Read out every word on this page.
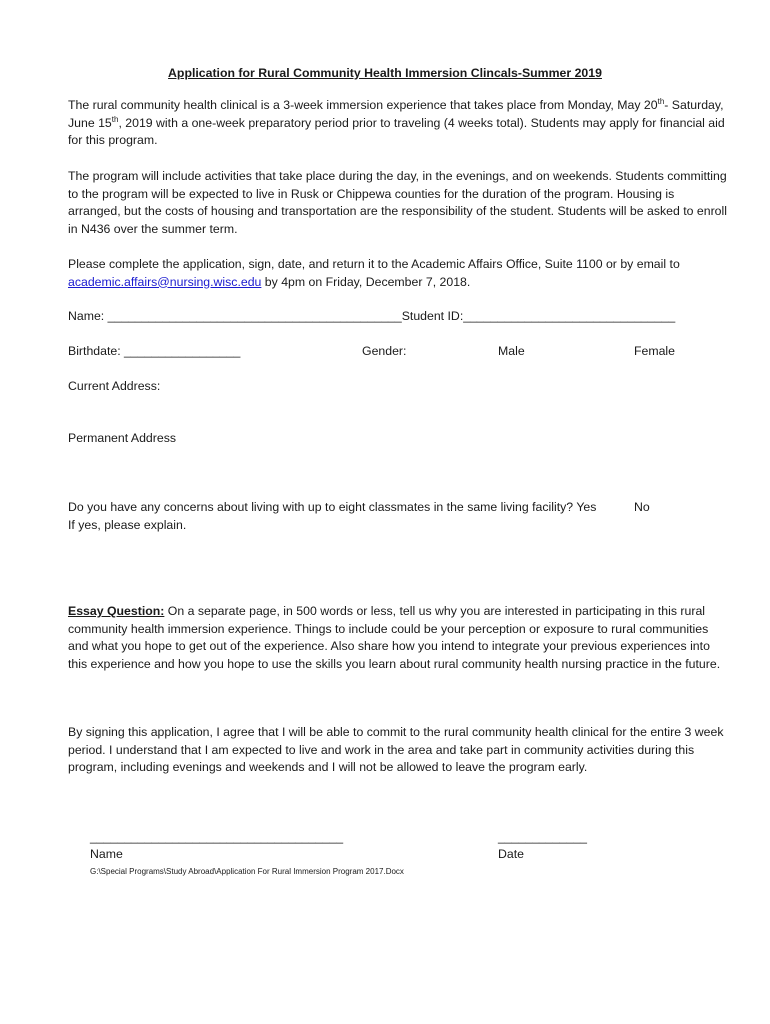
Application for Rural Community Health Immersion Clincals-Summer 2019

The rural community health clinical is a 3-week immersion experience that takes place from Monday, May 20th- Saturday, June 15th, 2019 with a one-week preparatory period prior to traveling (4 weeks total). Students may apply for financial aid for this program.

The program will include activities that take place during the day, in the evenings, and on weekends. Students committing to the program will be expected to live in Rusk or Chippewa counties for the duration of the program. Housing is arranged, but the costs of housing and transportation are the responsibility of the student. Students will be asked to enroll in N436 over the summer term.

Please complete the application, sign, date, and return it to the Academic Affairs Office, Suite 1100 or by email to academic.affairs@nursing.wisc.edu by 4pm on Friday, December 7, 2018.

Name: ___________________________________________Student ID:_______________________________
Birthdate: _________________	Gender:	Male	Female
Current Address:
Permanent Address
Do you have any concerns about living with up to eight classmates in the same living facility? Yes	No
If yes, please explain.

Essay Question: On a separate page, in 500 words or less, tell us why you are interested in participating in this rural community health immersion experience. Things to include could be your perception or exposure to rural communities and what you hope to get out of the experience. Also share how you intend to integrate your previous experiences into this experience and how you hope to use the skills you learn about rural community health nursing practice in the future.

By signing this application, I agree that I will be able to commit to the rural community health clinical for the entire 3 week period. I understand that I am expected to live and work in the area and take part in community activities during this program, including evenings and weekends and I will not be allowed to leave the program early.

_____________________________________
Name
_____________
Date
G:\Special Programs\Study Abroad\Application For Rural Immersion Program 2017.Docx
